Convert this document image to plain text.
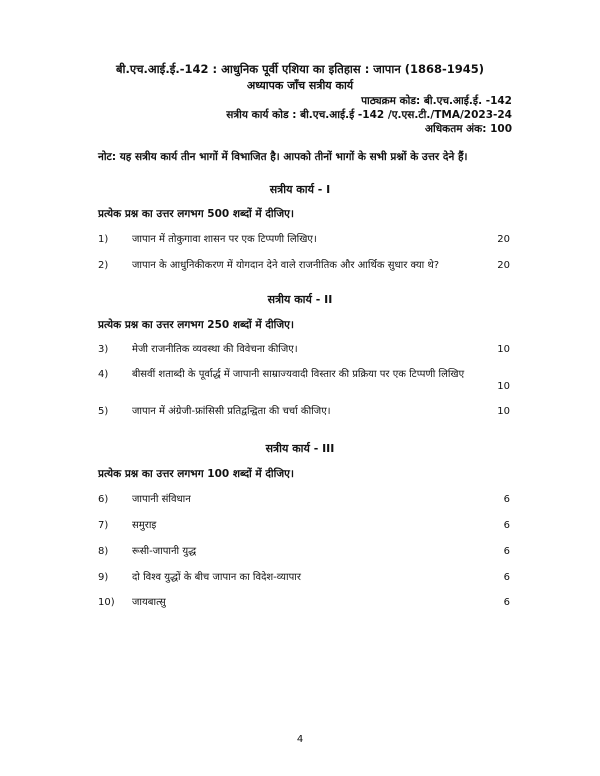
बी.एच.आई.ई.-142 : आधुनिक पूर्वी एशिया का इतिहास : जापान (1868-1945)
अध्यापक जाँच सत्रीय कार्य
पाठ्यक्रम कोड: बी.एच.आई.ई. -142
सत्रीय कार्य कोड : बी.एच.आई.ई -142 /ए.एस.टी./TMA/2023-24
अधिकतम अंक: 100
नोट: यह सत्रीय कार्य तीन भागों में विभाजित है। आपको तीनों भागों के सभी प्रश्नों के उत्तर देने हैं।
सत्रीय कार्य - I
प्रत्येक प्रश्न का उत्तर लगभग 500 शब्दों में दीजिए।
1) जापान में तोकुगावा शासन पर एक टिप्पणी लिखिए।	20
2) जापान के आधुनिकीकरण में योगदान देने वाले राजनीतिक और आर्थिक सुधार क्या थे?	20
सत्रीय कार्य - II
प्रत्येक प्रश्न का उत्तर लगभग 250 शब्दों में दीजिए।
3) मेजी राजनीतिक व्यवस्था की विवेचना कीजिए।	10
4) बीसवीं शताब्दी के पूर्वार्द्ध में जापानी साम्राज्यवादी विस्तार की प्रक्रिया पर एक टिप्पणी लिखिए
10
5) जापान में अंग्रेजी-फ्रांसिसी प्रतिद्वन्द्विता की चर्चा कीजिए।	10
सत्रीय कार्य - III
प्रत्येक प्रश्न का उत्तर लगभग 100 शब्दों में दीजिए।
6) जापानी संविधान	6
7) समुराइ	6
8) रूसी-जापानी युद्ध	6
9) दो विश्व युद्धों के बीच जापान का विदेश-व्यापार	6
10) जायबात्सु	6
4
